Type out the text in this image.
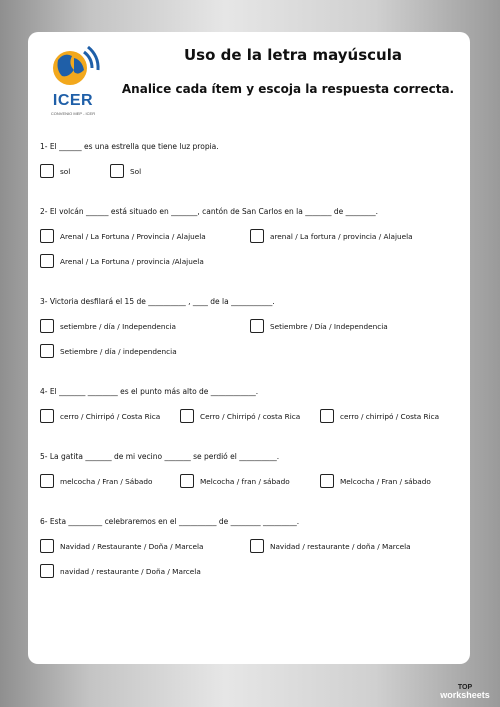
ICER
CONVENIO MEP - ICER
Uso de la letra mayúscula
Analice cada ítem y escoja la respuesta correcta.
1- El ______ es una estrella que tiene luz propia.
sol	Sol
2- El volcán ______ está situado en _______, cantón de San Carlos en la _______ de ________.
Arenal / La Fortuna / Provincia / Alajuela	arenal / La fortura / provincia / Alajuela
Arenal / La Fortuna / provincia /Alajuela
3- Victoria desfilará el 15 de __________ , ____ de la ___________.
setiembre / día / Independencia	Setiembre / Día / Independencia
Setiembre / día / independencia
4- El _______ ________ es el punto más alto de ____________.
cerro / Chirripó / Costa Rica	Cerro / Chirripó / costa Rica	cerro / chirripó / Costa Rica
5- La gatita _______ de mi vecino _______ se perdió el __________.
melcocha / Fran / Sábado	Melcocha / fran / sábado	Melcocha / Fran / sábado
6- Esta _________ celebraremos en el __________ de ________ _________.
Navidad / Restaurante / Doña / Marcela	Navidad / restaurante / doña / Marcela
navidad / restaurante / Doña / Marcela
TOP
worksheets
